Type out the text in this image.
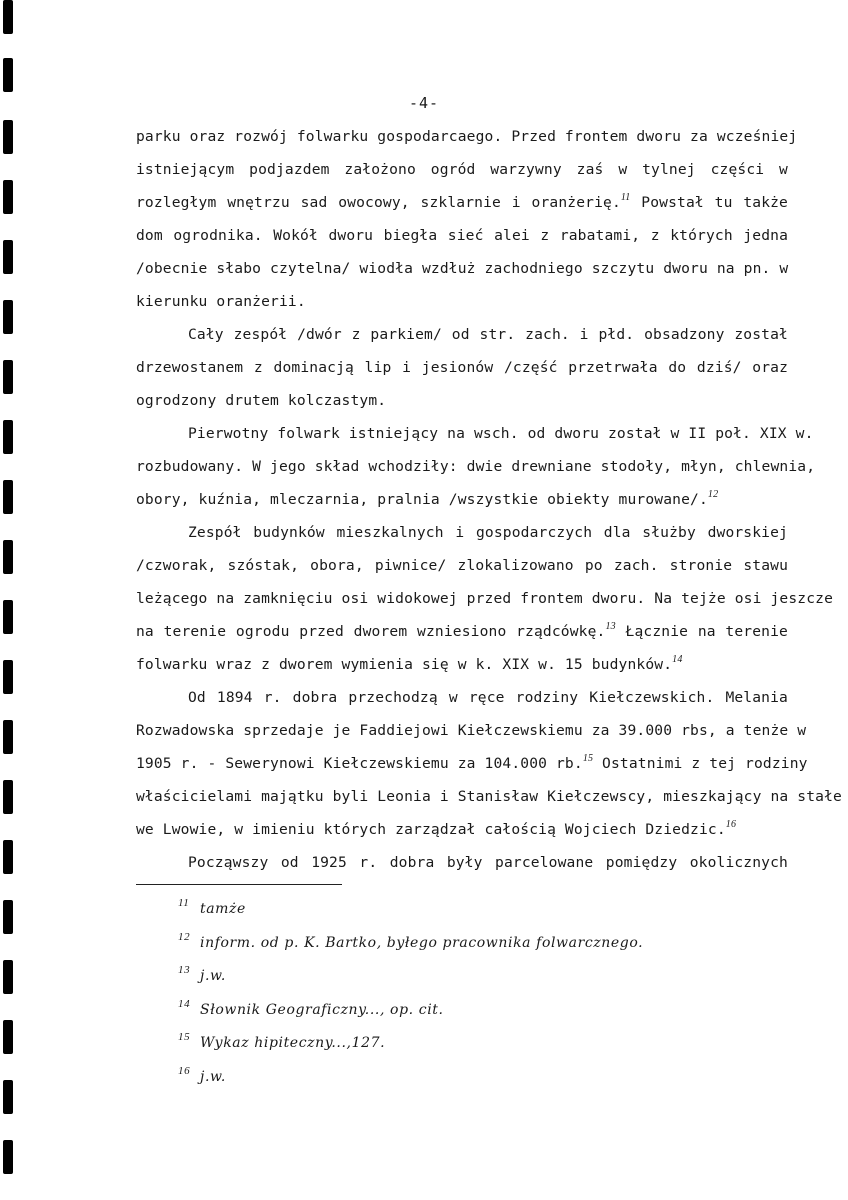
-4-
parku oraz rozwój folwarku gospodarcaego. Przed frontem dworu za wcześniej
istniejącym podjazdem założono ogród warzywny zaś w tylnej części w
rozległym wnętrzu sad owocowy, szklarnie i oranżerię.$^{11}$ Powstał tu także
dom ogrodnika. Wokół dworu biegła sieć alei z rabatami, z których jedna
/obecnie słabo czytelna/ wiodła wzdłuż zachodniego szczytu dworu na pn. w
kierunku oranżerii.
Cały zespół /dwór z parkiem/ od str. zach. i płd. obsadzony został
drzewostanem z dominacją lip i jesionów /część przetrwała do dziś/ oraz
ogrodzony drutem kolczastym.
Pierwotny folwark istniejący na wsch. od dworu został w II poł. XIX w.
rozbudowany. W jego skład wchodziły: dwie drewniane stodoły, młyn, chlewnia,
obory, kuźnia, mleczarnia, pralnia /wszystkie obiekty murowane/.$^{12}$
Zespół budynków mieszkalnych i gospodarczych dla służby dworskiej
/czworak, szóstak, obora, piwnice/ zlokalizowano po zach. stronie stawu
leżącego na zamknięciu osi widokowej przed frontem dworu. Na tejże osi jeszcze
na terenie ogrodu przed dworem wzniesiono rządcówkę.$^{13}$ Łącznie na terenie
folwarku wraz z dworem wymienia się w k. XIX w. 15 budynków.$^{14}$
Od 1894 r. dobra przechodzą w ręce rodziny Kiełczewskich. Melania
Rozwadowska sprzedaje je Faddiejowi Kiełczewskiemu za 39.000 rbs, a tenże w
1905 r. - Sewerynowi Kiełczewskiemu za 104.000 rb.$^{15}$ Ostatnimi z tej rodziny
właścicielami majątku byli Leonia i Stanisław Kiełczewscy, mieszkający na stałe
we Lwowie, w imieniu których zarządzał całością Wojciech Dziedzic.$^{16}$
Począwszy od 1925 r. dobra były parcelowane pomiędzy okolicznych
11 tamże
12 inform. od p. K. Bartko, byłego pracownika folwarcznego.
13 j.w.
14 Słownik Geograficzny..., op. cit.
15 Wykaz hipiteczny...,127.
16 j.w.
